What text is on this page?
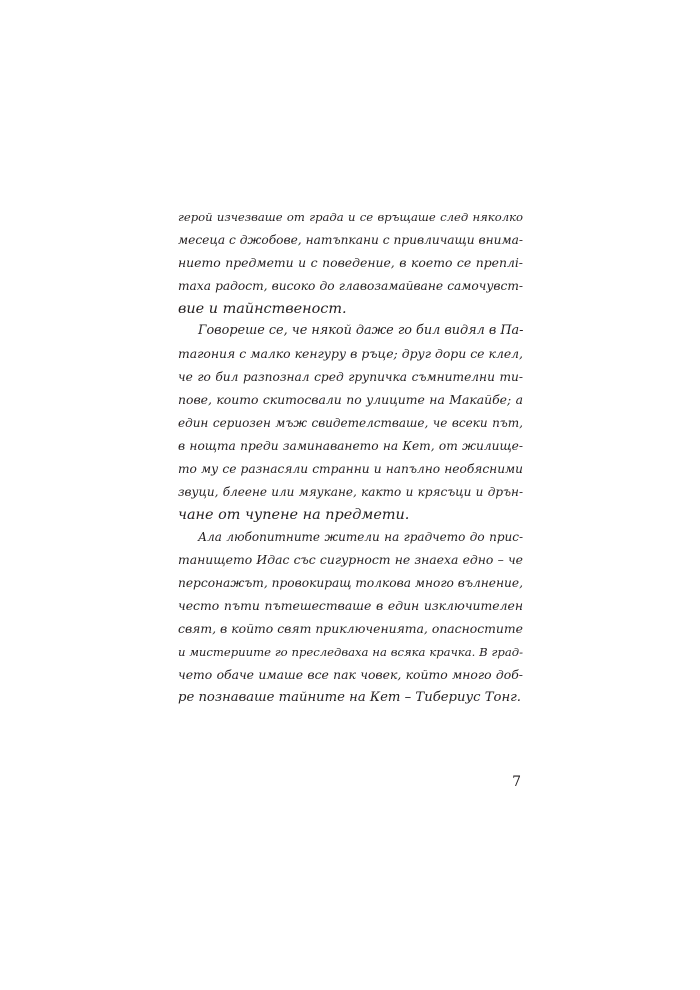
герой изчезваше от града и се връщаше след няколко
месеца с джобове, натъпкани с привличащи внима-
нието предмети и с поведение, в което се преплі-
таха радост, високо до главозамайване самочувст-
вие и тайнственост.
Говореше се, че някой даже го бил видял в Па-
тагония с малко кенгуру в ръце; друг дори се клел,
че го бил разпознал сред групичка съмнителни ти-
пове, които скитосвали по улиците на Макайбе; а
един сериозен мъж свидетелстваше, че всеки път,
в нощта преди заминаването на Кет, от жилище-
то му се разнасяли странни и напълно необясними
звуци, блеене или мяукане, както и крясъци и дрън-
чане от чупене на предмети.
Ала любопитните жители на градчето до прис-
танището Идас със сигурност не знаеха едно – че
персонажът, провокиращ толкова много вълнение,
често пъти пътешестваше в един изключителен
свят, в който свят приключенията, опасностите
и мистериите го преследваха на всяка крачка. В град-
чето обаче имаше все пак човек, който много доб-
ре познаваше тайните на Кет – Тибериус Тонг.
7
